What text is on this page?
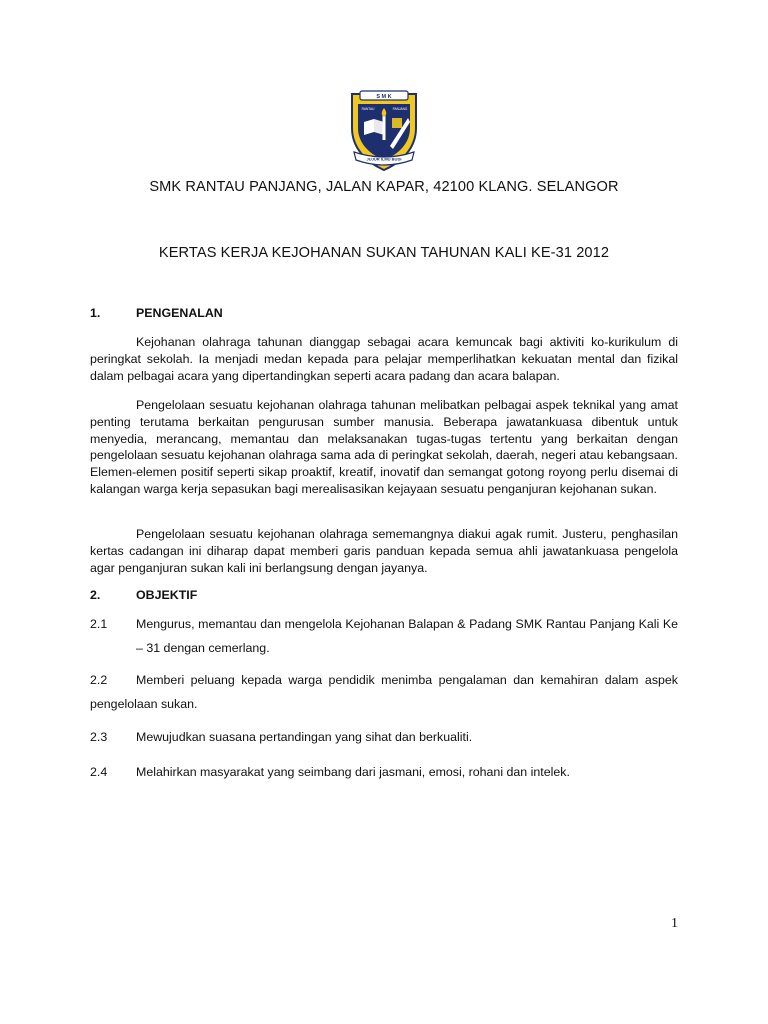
S M K
RANTAU	PANJANG
JUJUR ILMU BUDI
SMK RANTAU PANJANG, JALAN KAPAR, 42100 KLANG. SELANGOR
KERTAS KERJA KEJOHANAN SUKAN TAHUNAN KALI KE-31 2012
1.	PENGENALAN

Kejohanan olahraga tahunan dianggap sebagai acara kemuncak bagi aktiviti ko-kurikulum di peringkat sekolah. Ia menjadi medan kepada para pelajar memperlihatkan kekuatan mental dan fizikal dalam pelbagai acara yang dipertandingkan seperti acara padang dan acara balapan.

Pengelolaan sesuatu kejohanan olahraga tahunan melibatkan pelbagai aspek teknikal yang amat penting terutama berkaitan pengurusan sumber manusia. Beberapa jawatankuasa dibentuk untuk menyedia, merancang, memantau dan melaksanakan tugas-tugas tertentu yang berkaitan dengan pengelolaan sesuatu kejohanan olahraga sama ada di peringkat sekolah, daerah, negeri atau kebangsaan. Elemen-elemen positif seperti sikap proaktif, kreatif, inovatif dan semangat gotong royong perlu disemai di kalangan warga kerja sepasukan bagi merealisasikan kejayaan sesuatu penganjuran kejohanan sukan.

Pengelolaan sesuatu kejohanan olahraga sememangnya diakui agak rumit. Justeru, penghasilan kertas cadangan ini diharap dapat memberi garis panduan kepada semua ahli jawatankuasa pengelola agar penganjuran sukan kali ini berlangsung dengan jayanya.

2.	OBJEKTIF
2.1 Mengurus, memantau dan mengelola Kejohanan Balapan & Padang SMK Rantau Panjang Kali Ke – 31 dengan cemerlang.

2.2	Memberi peluang kepada warga pendidik menimba pengalaman dan kemahiran dalam aspek pengelolaan sukan.

2.3 Mewujudkan suasana pertandingan yang sihat dan berkualiti.

2.4 Melahirkan masyarakat yang seimbang dari jasmani, emosi, rohani dan intelek.

1
